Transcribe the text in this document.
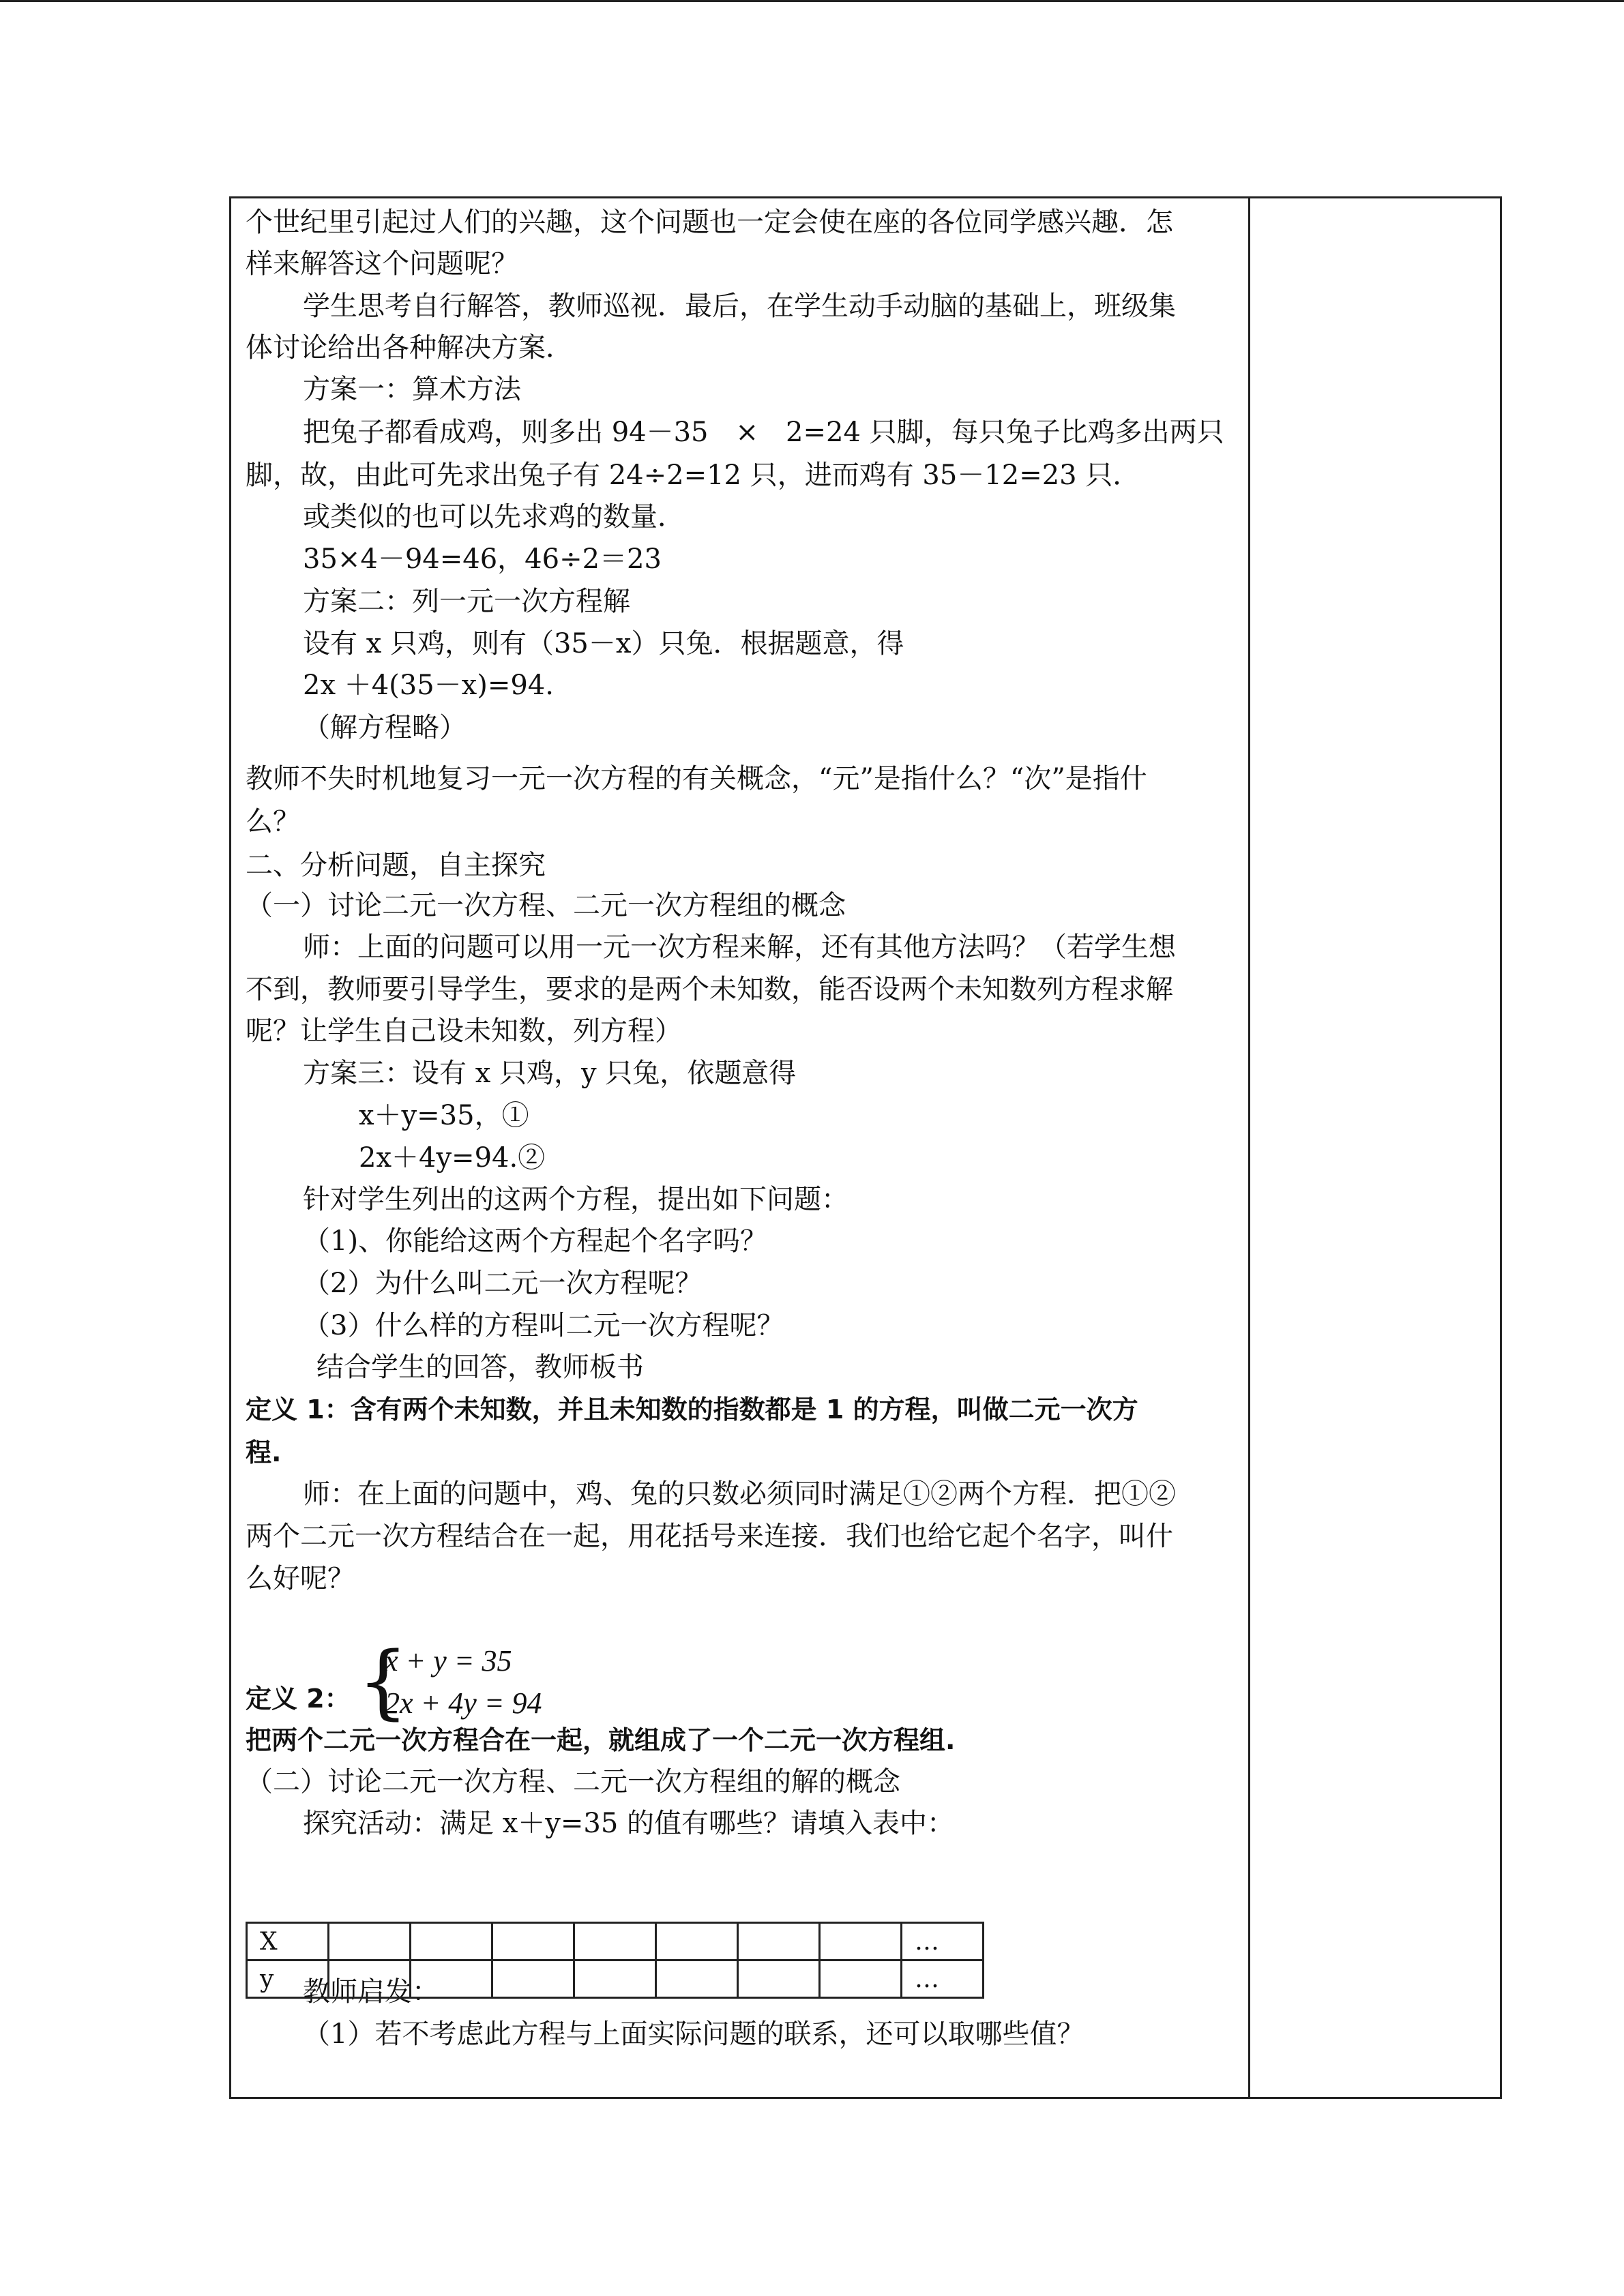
个世纪里引起过人们的兴趣，这个问题也一定会使在座的各位同学感兴趣．怎
样来解答这个问题呢？
学生思考自行解答，教师巡视．最后，在学生动手动脑的基础上，班级集
体讨论给出各种解决方案．
方案一：算术方法
把兔子都看成鸡，则多出 94－35　×　2=24 只脚，每只兔子比鸡多出两只
脚，故，由此可先求出兔子有 24÷2=12 只，进而鸡有 35－12=23 只．
或类似的也可以先求鸡的数量．
35×4－94=46，46÷2＝23
方案二：列一元一次方程解
设有 x 只鸡，则有（35－x）只兔．根据题意，得
2x ＋4(35－x)=94.
（解方程略）
教师不失时机地复习一元一次方程的有关概念，“元”是指什么？“次”是指什
么？
二、分析问题，自主探究
（一）讨论二元一次方程、二元一次方程组的概念
师：上面的问题可以用一元一次方程来解，还有其他方法吗？（若学生想
不到，教师要引导学生，要求的是两个未知数，能否设两个未知数列方程求解
呢？让学生自己设未知数，列方程）
方案三：设有 x 只鸡，y 只兔，依题意得
x＋y=35，①
2x＋4y=94.②
针对学生列出的这两个方程，提出如下问题：
（1)、你能给这两个方程起个名字吗？
（2）为什么叫二元一次方程呢？
（3）什么样的方程叫二元一次方程呢？
结合学生的回答，教师板书
定义 1：含有两个未知数，并且未知数的指数都是 1 的方程，叫做二元一次方
程.
师：在上面的问题中，鸡、兔的只数必须同时满足①②两个方程．把①②
两个二元一次方程结合在一起，用花括号来连接．我们也给它起个名字，叫什
么好呢？
定义 2：
把两个二元一次方程合在一起，就组成了一个二元一次方程组.
（二）讨论二元一次方程、二元一次方程组的解的概念
探究活动：满足 x＋y=35 的值有哪些？请填入表中：
教师启发：
（1）若不考虑此方程与上面实际问题的联系，还可以取哪些值？
{
x + y = 35
2x + 4y = 94
X								…
y								…
